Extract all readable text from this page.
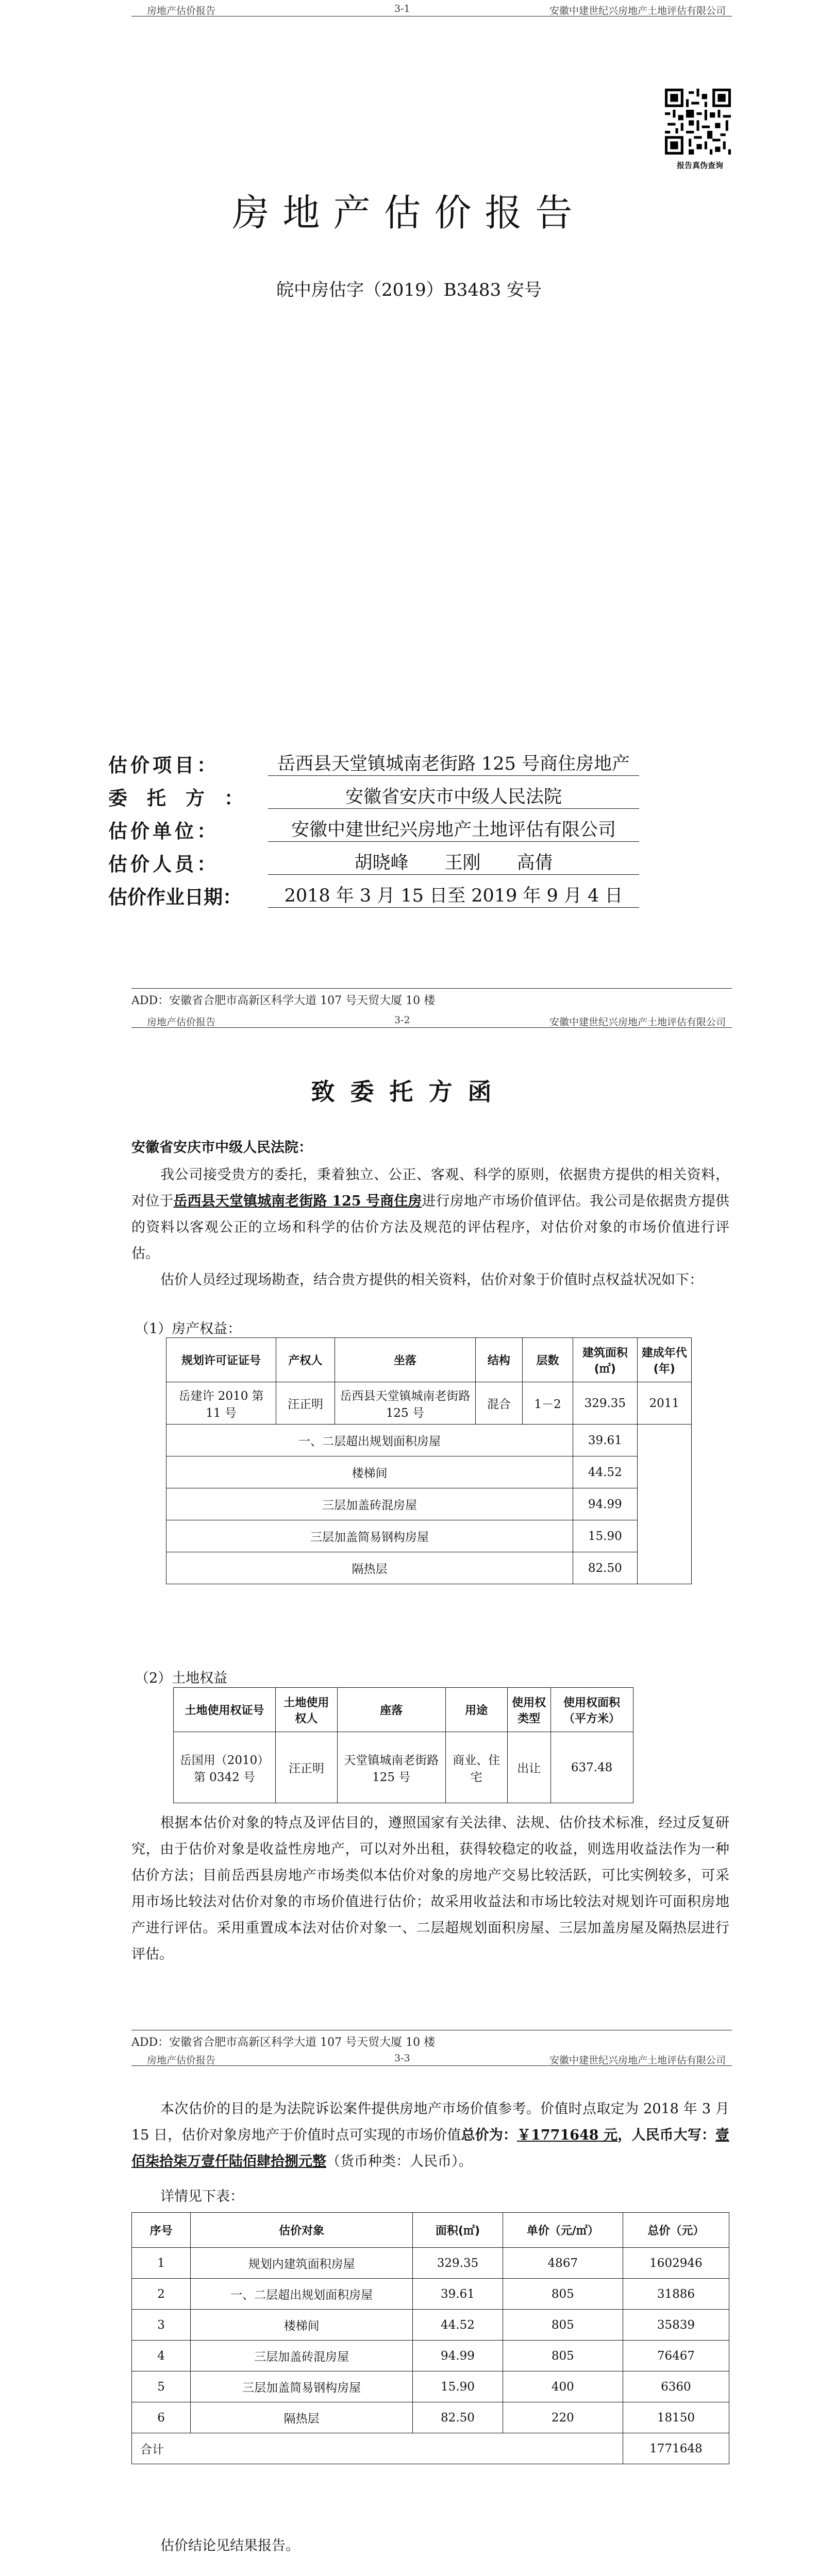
房地产估价报告	3-1	安徽中建世纪兴房地产土地评估有限公司
报告真伪查询
房地产估价报告
皖中房估字（2019）B3483 安号
估价项目：	岳西县天堂镇城南老街路 125 号商住房地产
委托方：	安徽省安庆市中级人民法院
估价单位：	安徽中建世纪兴房地产土地评估有限公司
估价人员：	胡晓峰　　王刚　　高倩
估价作业日期：	2018 年 3 月 15 日至 2019 年 9 月 4 日
ADD：安徽省合肥市高新区科学大道 107 号天贸大厦 10 楼
房地产估价报告	3-2	安徽中建世纪兴房地产土地评估有限公司
致委托方函
安徽省安庆市中级人民法院：

我公司接受贵方的委托，秉着独立、公正、客观、科学的原则，依据贵方提供的相关资料，对位于岳西县天堂镇城南老街路 125 号商住房进行房地产市场价值评估。我公司是依据贵方提供的资料以客观公正的立场和科学的估价方法及规范的评估程序，对估价对象的市场价值进行评估。

估价人员经过现场勘查，结合贵方提供的相关资料，估价对象于价值时点权益状况如下：

（1）房产权益：
规划许可证证号	产权人	坐落	结构	层数	建筑面积(㎡)	建成年代(年)
岳建许 2010 第 11 号	汪正明	岳西县天堂镇城南老街路 125 号	混合	1－2	329.35	2011
一、二层超出规划面积房屋					39.61	
楼梯间					44.52	
三层加盖砖混房屋					94.99	
三层加盖简易钢构房屋					15.90	
隔热层					82.50	
（2）土地权益
土地使用权证号	土地使用权人	座落	用途	使用权类型	使用权面积（平方米）	
岳国用（2010）第 0342 号	汪正明	天堂镇城南老街路 125 号	商业、住宅	出让	637.48	

根据本估价对象的特点及评估目的，遵照国家有关法律、法规、估价技术标准，经过反复研究，由于估价对象是收益性房地产，可以对外出租，获得较稳定的收益，则选用收益法作为一种估价方法；目前岳西县房地产市场类似本估价对象的房地产交易比较活跃，可比实例较多，可采用市场比较法对估价对象的市场价值进行估价；故采用收益法和市场比较法对规划许可面积房地产进行评估。采用重置成本法对估价对象一、二层超规划面积房屋、三层加盖房屋及隔热层进行评估。

ADD：安徽省合肥市高新区科学大道 107 号天贸大厦 10 楼
房地产估价报告	3-3	安徽中建世纪兴房地产土地评估有限公司

本次估价的目的是为法院诉讼案件提供房地产市场价值参考。价值时点取定为 2018 年 3 月 15 日，估价对象房地产于价值时点可实现的市场价值总价为：￥1771648 元，人民币大写：壹佰柒拾柒万壹仟陆佰肆拾捌元整（货币种类：人民币）。

详情见下表：

序号	估价对象	面积(㎡)	单价（元/㎡）	总价（元）
1	规划内建筑面积房屋	329.35	4867	1602946
2	一、二层超出规划面积房屋	39.61	805	31886
3	楼梯间	44.52	805	35839
4	三层加盖砖混房屋	94.99	805	76467
5	三层加盖简易钢构房屋	15.90	400	6360
6	隔热层	82.50	220	18150
合计				1771648

估价结论见结果报告。
